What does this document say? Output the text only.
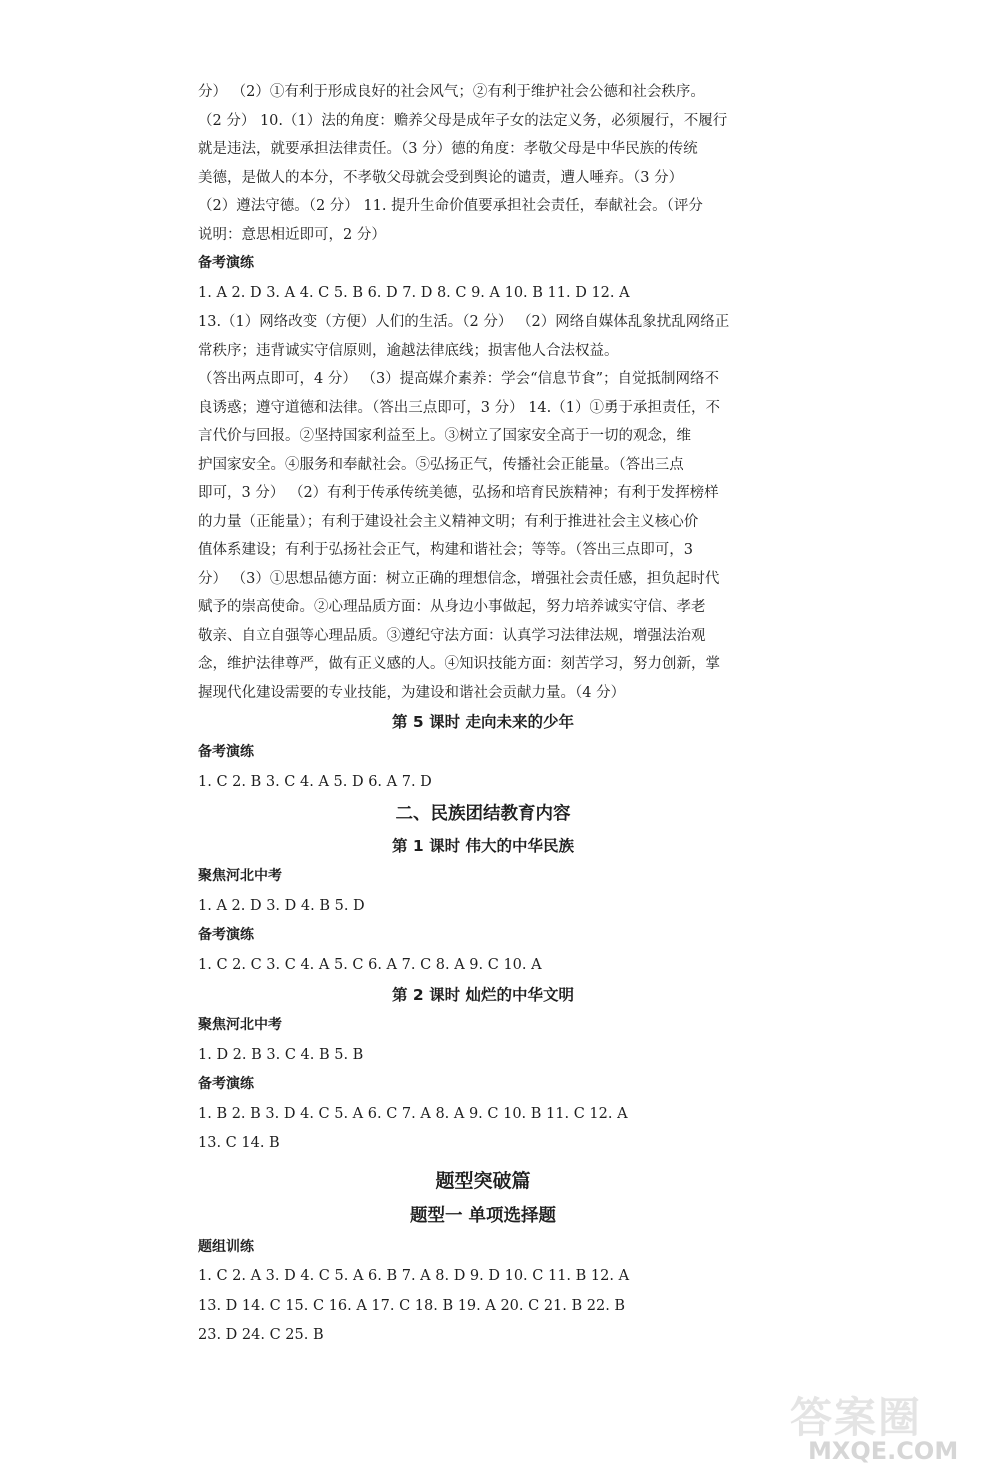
分） （2）①有利于形成良好的社会风气；②有利于维护社会公德和社会秩序。
（2 分） 10.（1）法的角度：赡养父母是成年子女的法定义务，必须履行，不履行
就是违法，就要承担法律责任。（3 分）德的角度：孝敬父母是中华民族的传统
美德，是做人的本分，不孝敬父母就会受到舆论的谴责，遭人唾弃。（3 分）
（2）遵法守德。（2 分） 11. 提升生命价值要承担社会责任，奉献社会。（评分
说明：意思相近即可，2 分）
备考演练
1. A 2. D 3. A 4. C 5. B 6. D 7. D 8. C 9. A 10. B 11. D 12. A
13.（1）网络改变（方便）人们的生活。（2 分） （2）网络自媒体乱象扰乱网络正
常秩序；违背诚实守信原则，逾越法律底线；损害他人合法权益。
（答出两点即可，4 分） （3）提高媒介素养：学会“信息节食”；自觉抵制网络不
良诱惑；遵守道德和法律。（答出三点即可，3 分） 14.（1）①勇于承担责任，不
言代价与回报。②坚持国家利益至上。③树立了国家安全高于一切的观念，维
护国家安全。④服务和奉献社会。⑤弘扬正气，传播社会正能量。（答出三点
即可，3 分） （2）有利于传承传统美德，弘扬和培育民族精神；有利于发挥榜样
的力量（正能量）；有利于建设社会主义精神文明；有利于推进社会主义核心价
值体系建设；有利于弘扬社会正气，构建和谐社会；等等。（答出三点即可，3
分） （3）①思想品德方面：树立正确的理想信念，增强社会责任感，担负起时代
赋予的崇高使命。②心理品质方面：从身边小事做起，努力培养诚实守信、孝老
敬亲、自立自强等心理品质。③遵纪守法方面：认真学习法律法规，增强法治观
念，维护法律尊严，做有正义感的人。④知识技能方面：刻苦学习，努力创新，掌
握现代化建设需要的专业技能，为建设和谐社会贡献力量。（4 分）
第 5 课时 走向未来的少年
备考演练
1. C 2. B 3. C 4. A 5. D 6. A 7. D
二、民族团结教育内容
第 1 课时 伟大的中华民族
聚焦河北中考
1. A 2. D 3. D 4. B 5. D
备考演练
1. C 2. C 3. C 4. A 5. C 6. A 7. C 8. A 9. C 10. A
第 2 课时 灿烂的中华文明
聚焦河北中考
1. D 2. B 3. C 4. B 5. B
备考演练
1. B 2. B 3. D 4. C 5. A 6. C 7. A 8. A 9. C 10. B 11. C 12. A
13. C 14. B
题型突破篇
题型一 单项选择题
题组训练
1. C 2. A 3. D 4. C 5. A 6. B 7. A 8. D 9. D 10. C 11. B 12. A
13. D 14. C 15. C 16. A 17. C 18. B 19. A 20. C 21. B 22. B
23. D 24. C 25. B
答案圈
MXQE.COM
